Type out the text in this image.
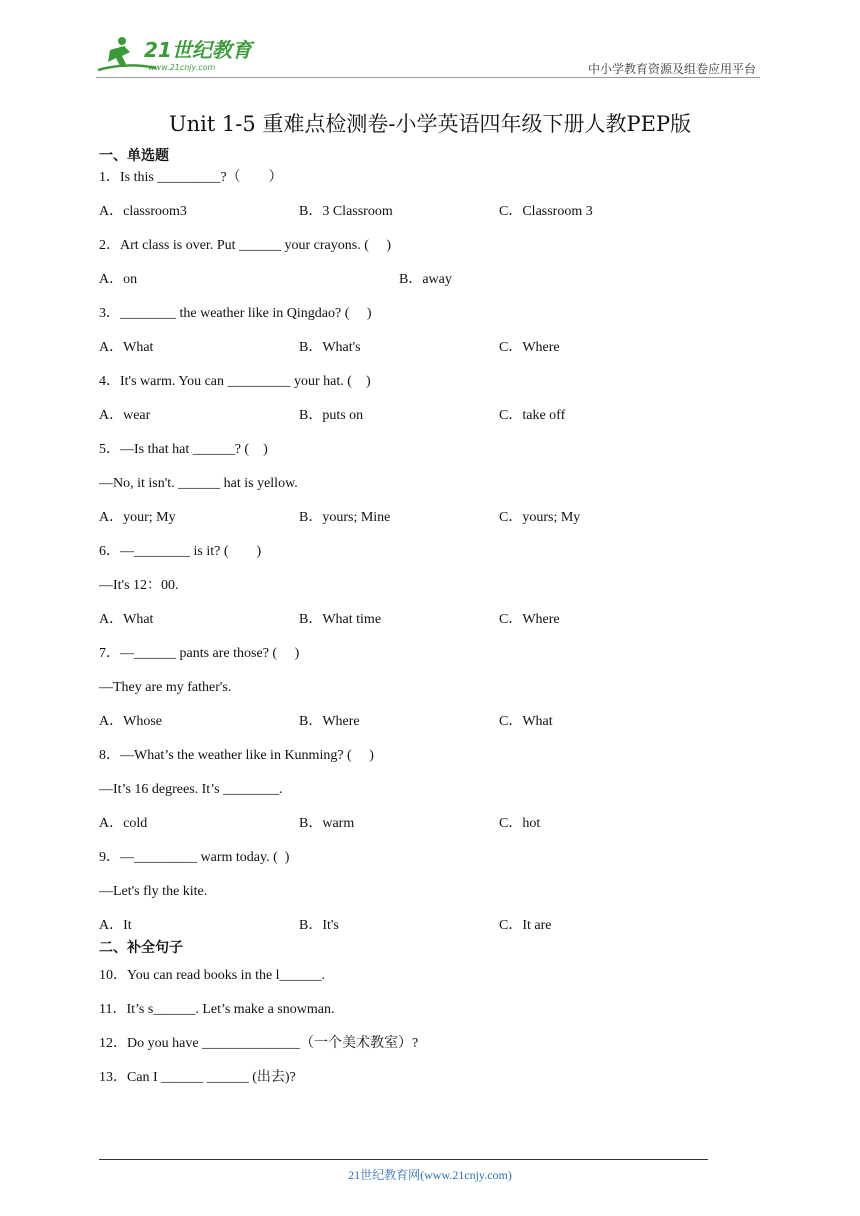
21世纪教育
www.21cnjy.com	中小学教育资源及组卷应用平台
Unit 1-5 重难点检测卷-小学英语四年级下册人教PEP版
一、单选题
1．Is this _________?（　　）
A．classroom3	B．3 Classroom	C．Classroom 3
2．Art class is over. Put ______ your crayons. (　 )
A．on	B．away
3．________ the weather like in Qingdao? (　 )
A．What	B．What's	C．Where
4．It's warm. You can _________ your hat. (　)
A．wear	B．puts on	C．take off
5．—Is that hat ______? (　)
—No, it isn't. ______ hat is yellow.
A．your; My	B．yours; Mine	C．yours; My
6．—________ is it? (　　)
—It's 12：00.
A．What	B．What time	C．Where
7．—______ pants are those? (　 )
—They are my father's.
A．Whose	B．Where	C．What
8．—What’s the weather like in Kunming? (　 )
—It’s 16 degrees. It’s ________.
A．cold	B．warm	C．hot
9．—_________ warm today. (  )
—Let's fly the kite.
A．It	B．It's	C．It are
二、补全句子
10．You can read books in the l______.
11．It’s s______. Let’s make a snowman.
12．Do you have ______________（一个美术教室）?
13．Can I ______ ______ (出去)?
21世纪教育网(www.21cnjy.com)
